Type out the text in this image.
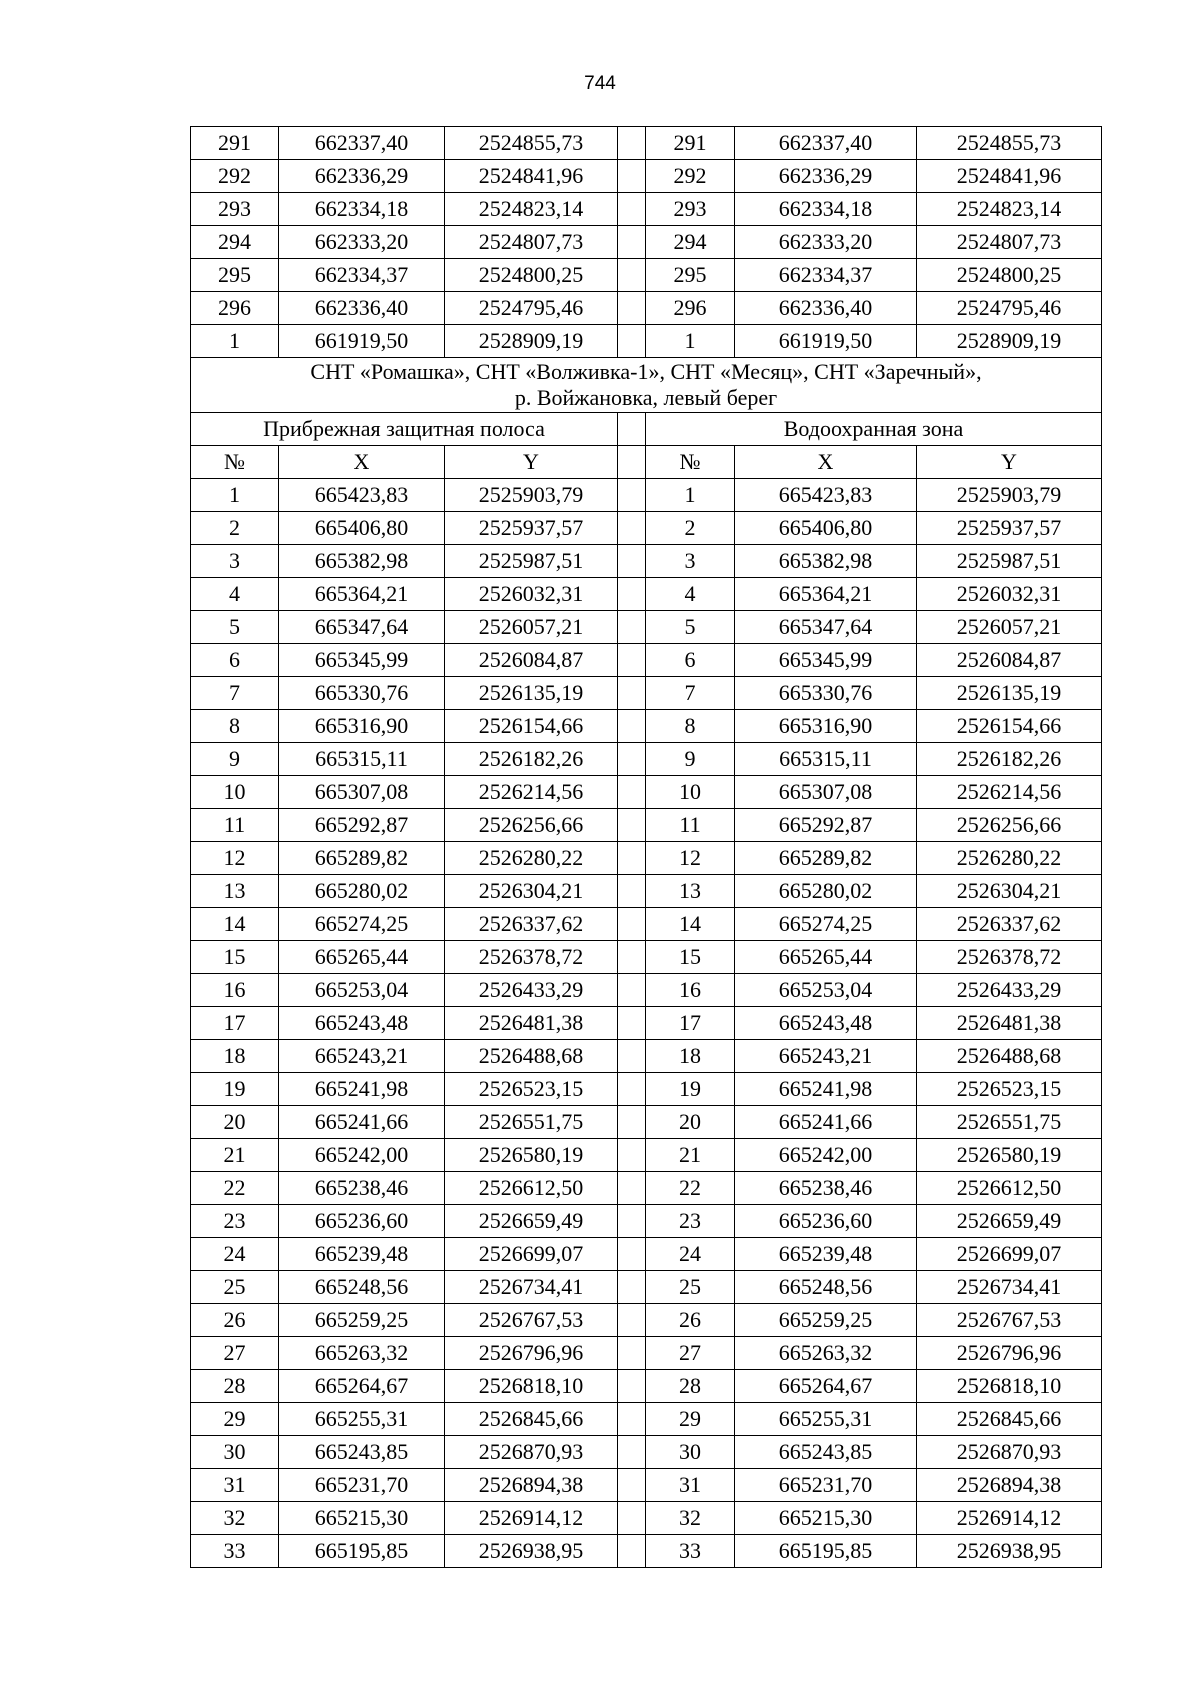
744
291	662337,40	2524855,73		291	662337,40	2524855,73
292	662336,29	2524841,96		292	662336,29	2524841,96
293	662334,18	2524823,14		293	662334,18	2524823,14
294	662333,20	2524807,73		294	662333,20	2524807,73
295	662334,37	2524800,25		295	662334,37	2524800,25
296	662336,40	2524795,46		296	662336,40	2524795,46
1	661919,50	2528909,19		1	661919,50	2528909,19
СНТ «Ромашка», СНТ «Волживка-1», СНТ «Месяц», СНТ «Заречный»,
р. Войжановка, левый берег						
Прибрежная защитная полоса				Водоохранная зона		
№	X	Y		№	X	Y
1	665423,83	2525903,79		1	665423,83	2525903,79
2	665406,80	2525937,57		2	665406,80	2525937,57
3	665382,98	2525987,51		3	665382,98	2525987,51
4	665364,21	2526032,31		4	665364,21	2526032,31
5	665347,64	2526057,21		5	665347,64	2526057,21
6	665345,99	2526084,87		6	665345,99	2526084,87
7	665330,76	2526135,19		7	665330,76	2526135,19
8	665316,90	2526154,66		8	665316,90	2526154,66
9	665315,11	2526182,26		9	665315,11	2526182,26
10	665307,08	2526214,56		10	665307,08	2526214,56
11	665292,87	2526256,66		11	665292,87	2526256,66
12	665289,82	2526280,22		12	665289,82	2526280,22
13	665280,02	2526304,21		13	665280,02	2526304,21
14	665274,25	2526337,62		14	665274,25	2526337,62
15	665265,44	2526378,72		15	665265,44	2526378,72
16	665253,04	2526433,29		16	665253,04	2526433,29
17	665243,48	2526481,38		17	665243,48	2526481,38
18	665243,21	2526488,68		18	665243,21	2526488,68
19	665241,98	2526523,15		19	665241,98	2526523,15
20	665241,66	2526551,75		20	665241,66	2526551,75
21	665242,00	2526580,19		21	665242,00	2526580,19
22	665238,46	2526612,50		22	665238,46	2526612,50
23	665236,60	2526659,49		23	665236,60	2526659,49
24	665239,48	2526699,07		24	665239,48	2526699,07
25	665248,56	2526734,41		25	665248,56	2526734,41
26	665259,25	2526767,53		26	665259,25	2526767,53
27	665263,32	2526796,96		27	665263,32	2526796,96
28	665264,67	2526818,10		28	665264,67	2526818,10
29	665255,31	2526845,66		29	665255,31	2526845,66
30	665243,85	2526870,93		30	665243,85	2526870,93
31	665231,70	2526894,38		31	665231,70	2526894,38
32	665215,30	2526914,12		32	665215,30	2526914,12
33	665195,85	2526938,95		33	665195,85	2526938,95
